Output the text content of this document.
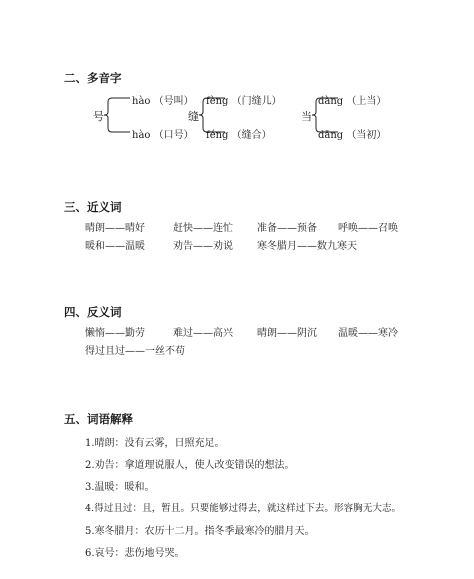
二、多音字
号
hào （号叫）
hào （口号）
缝
fèng （门缝儿）
féng （缝合）
当
dàng （上当）
dāng （当初）
三、近义词
晴朗——晴好	赶快——连忙 准备——预备 呼唤——召唤
暖和——温暖	劝告——劝说 寒冬腊月——数九寒天
四、反义词
懒惰——勤劳	难过——高兴 晴朗——阴沉 温暖——寒冷
得过且过——一丝不苟
五、词语解释
1.晴朗：没有云雾，日照充足。
2.劝告：拿道理说服人，使人改变错误的想法。
3.温暖：暖和。
4.得过且过：且，暂且。只要能够过得去，就这样过下去。形容胸无大志。
5.寒冬腊月：农历十二月。指冬季最寒冷的腊月天。
6.哀号：悲伤地号哭。
